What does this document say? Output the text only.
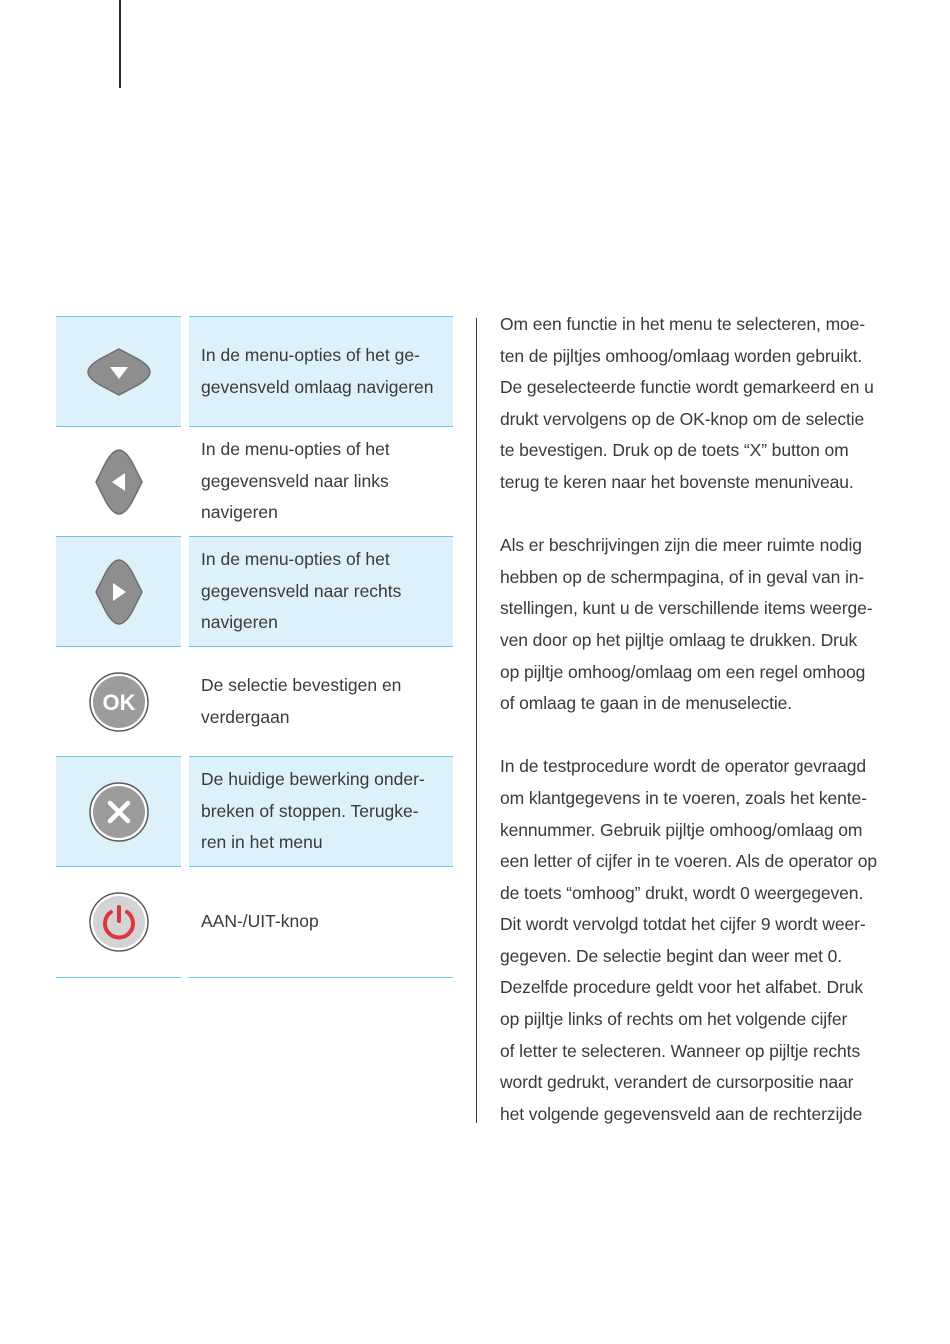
In de menu-opties of het ge-
gevensveld omlaag navigeren
In de menu-opties of het
gegevensveld naar links
navigeren
In de menu-opties of het
gegevensveld naar rechts
navigeren
OK
De selectie bevestigen en
verdergaan
De huidige bewerking onder-
breken of stoppen. Terugke-
ren in het menu
AAN-/UIT-knop

Om een functie in het menu te selecteren, moe-
ten de pijltjes omhoog/omlaag worden gebruikt.
De geselecteerde functie wordt gemarkeerd en u
drukt vervolgens op de OK-knop om de selectie
te bevestigen. Druk op de toets “X” button om
terug te keren naar het bovenste menuniveau.

Als er beschrijvingen zijn die meer ruimte nodig
hebben op de schermpagina, of in geval van in-
stellingen, kunt u de verschillende items weerge-
ven door op het pijltje omlaag te drukken. Druk
op pijltje omhoog/omlaag om een regel omhoog
of omlaag te gaan in de menuselectie.

In de testprocedure wordt de operator gevraagd
om klantgegevens in te voeren, zoals het kente-
kennummer. Gebruik pijltje omhoog/omlaag om
een letter of cijfer in te voeren. Als de operator op
de toets “omhoog” drukt, wordt 0 weergegeven.
Dit wordt vervolgd totdat het cijfer 9 wordt weer-
gegeven. De selectie begint dan weer met 0.
Dezelfde procedure geldt voor het alfabet. Druk
op pijltje links of rechts om het volgende cijfer
of letter te selecteren. Wanneer op pijltje rechts
wordt gedrukt, verandert de cursorpositie naar
het volgende gegevensveld aan de rechterzijde
